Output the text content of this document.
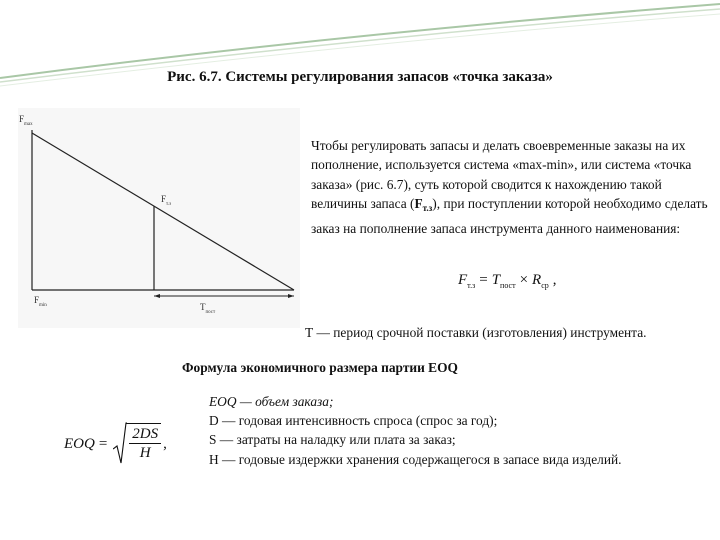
Рис. 6.7. Системы регулирования запасов «точка заказа»
$F_{max}$
$F_{т.з}$
$F_{min}$	$T_{пост}$
Чтобы регулировать запасы и делать своевременные заказы на их пополнение, используется система «max-min», или система «точка заказа» (рис. 6.7), суть которой сводится к нахождению такой величины запаса $(F_{т.з})$, при поступлении которой необходимо сделать заказ на пополнение запаса инструмента данного наименования:
$F_{т.з} = T_{пост} \times R_{ср}$ ,
Т — период срочной поставки (изготовления) инструмента.
Формула экономичного размера партии EOQ
EOQ = $\frac{2DS}{H}$ ,
EOQ — объем заказа;
D — годовая интенсивность спроса (спрос за год);
S — затраты на наладку или плата за заказ;
H — годовые издержки хранения содержащегося в запасе вида изделий.
